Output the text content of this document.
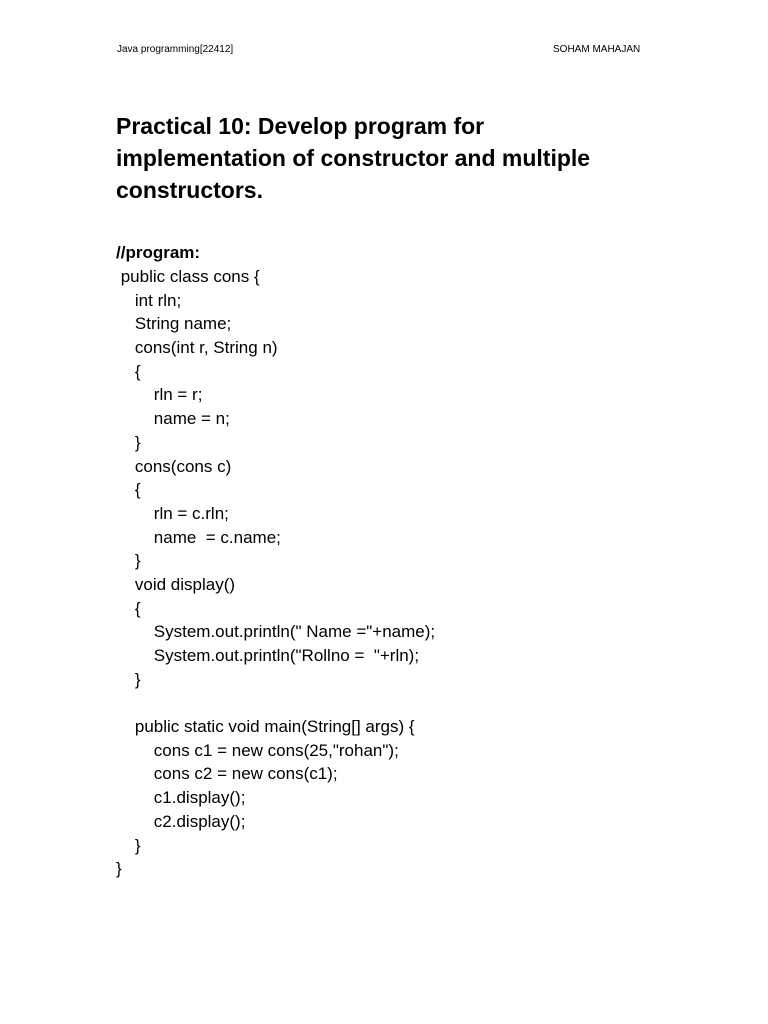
Java programming[22412]	SOHAM MAHAJAN
Practical 10: Develop program for
implementation of constructor and multiple
constructors.
//program:
public class cons {
int rln;
String name;
cons(int r, String n)
{
rln = r;
name = n;
}
cons(cons c)
{
rln = c.rln;
name  = c.name;
}
void display()
{
System.out.println(" Name ="+name);
System.out.println("Rollno =  "+rln);
}
public static void main(String[] args) {
cons c1 = new cons(25,"rohan");
cons c2 = new cons(c1);
c1.display();
c2.display();
}
}
